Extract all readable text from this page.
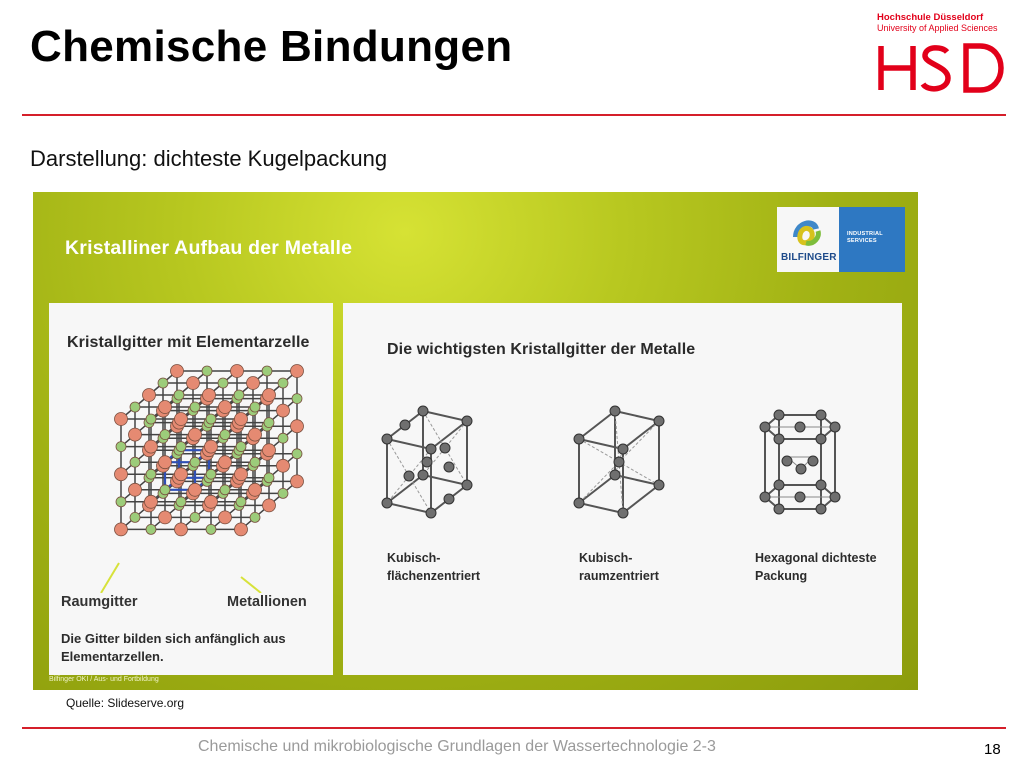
Chemische Bindungen
Hochschule Düsseldorf
University of Applied Sciences
Darstellung: dichteste Kugelpackung
Kristalliner Aufbau der Metalle	BILFINGER
INDUSTRIAL
SERVICES
Kristallgitter mit Elementarzelle
Raumgitter	Metallionen
Die Gitter bilden sich anfänglich aus
Elementarzellen.
Die wichtigsten Kristallgitter der Metalle
Kubisch-
flächenzentriert
Kubisch-
raumzentriert
Hexagonal dichteste
Packung
Bilfinger OKI / Aus- und Fortbildung
Quelle: Slideserve.org
Chemische und mikrobiologische Grundlagen der Wassertechnologie 2-3	18
